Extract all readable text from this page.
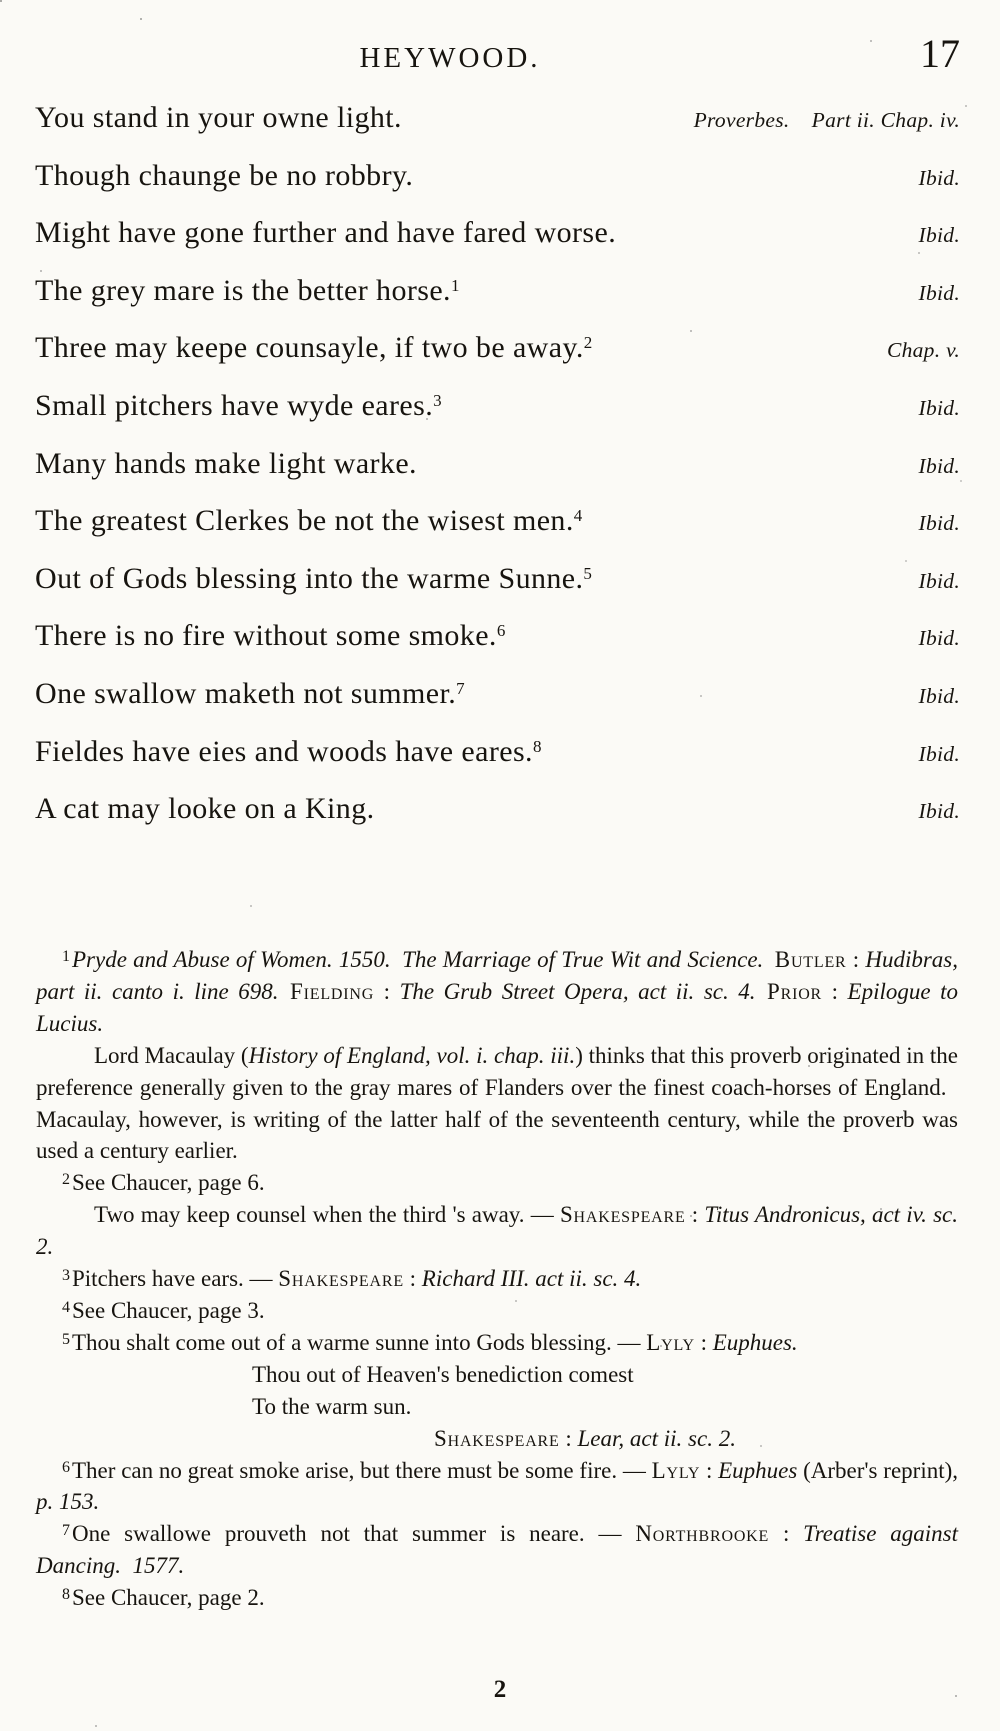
HEYWOOD.	17
You stand in your owne light.	Proverbes.  Part ii. Chap. iv.
Though chaunge be no robbry.	Ibid.
Might have gone further and have fared worse.	Ibid.
The grey mare is the better horse.$^1$	Ibid.
Three may keepe counsayle, if two be away.$^2$	Chap. v.
Small pitchers have wyde eares.$^3$	Ibid.
Many hands make light warke.	Ibid.
The greatest Clerkes be not the wisest men.$^4$	Ibid.
Out of Gods blessing into the warme Sunne.$^5$	Ibid.
There is no fire without some smoke.$^6$	Ibid.
One swallow maketh not summer.$^7$	Ibid.
Fieldes have eies and woods have eares.$^8$	Ibid.
A cat may looke on a King.	Ibid.

$^1$Pryde and Abuse of Women. 1550.  The Marriage of True Wit and Science.  Butler : Hudibras, part ii. canto i. line 698.  Fielding : The Grub Street Opera, act ii. sc. 4.  Prior : Epilogue to Lucius.

Lord Macaulay (History of England, vol. i. chap. iii.) thinks that this proverb originated in the preference generally given to the gray mares of Flanders over the finest coach-horses of England. Macaulay, however, is writing of the latter half of the seventeenth century, while the proverb was used a century earlier.

$^2$See Chaucer, page 6.

Two may keep counsel when the third 's away. — Shakespeare : Titus Andronicus, act iv. sc. 2.

$^3$Pitchers have ears. — Shakespeare : Richard III. act ii. sc. 4.

$^4$See Chaucer, page 3.

$^5$Thou shalt come out of a warme sunne into Gods blessing. — Lyly : Euphues.

Thou out of Heaven's benediction comest

To the warm sun.

Shakespeare : Lear, act ii. sc. 2.

$^6$Ther can no great smoke arise, but there must be some fire. — Lyly : Euphues (Arber's reprint), p. 153.

$^7$One swallowe prouveth not that summer is neare. — Northbrooke : Treatise against Dancing. 1577.

$^8$See Chaucer, page 2.

2
